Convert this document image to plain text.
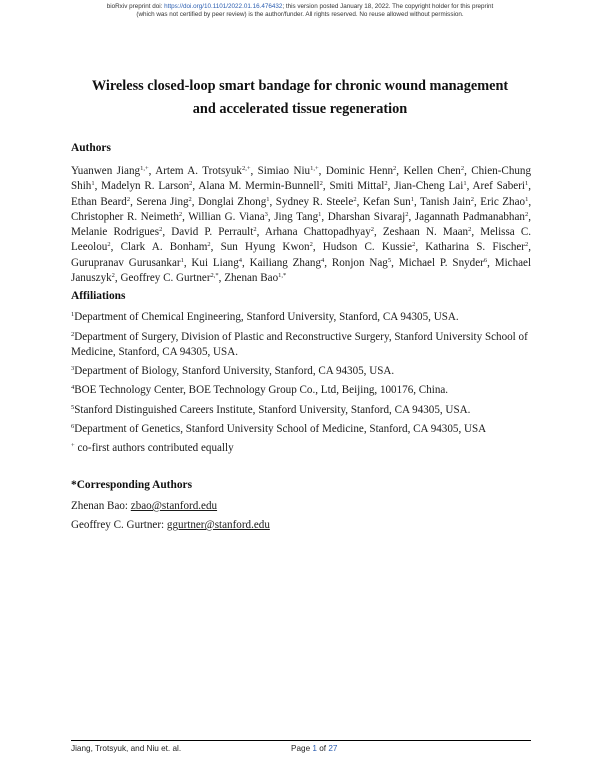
bioRxiv preprint doi: https://doi.org/10.1101/2022.01.16.476432; this version posted January 18, 2022. The copyright holder for this preprint
(which was not certified by peer review) is the author/funder. All rights reserved. No reuse allowed without permission.
Wireless closed-loop smart bandage for chronic wound management
and accelerated tissue regeneration
Authors
Yuanwen Jiang$^{1,+}$, Artem A. Trotsyuk$^{2,+}$, Simiao Niu$^{1,+}$, Dominic Henn$^2$, Kellen Chen$^2$, Chien-Chung Shih$^1$, Madelyn R. Larson$^2$, Alana M. Mermin-Bunnell$^2$, Smiti Mittal$^2$, Jian-Cheng Lai$^1$, Aref Saberi$^1$, Ethan Beard$^2$, Serena Jing$^2$, Donglai Zhong$^1$, Sydney R. Steele$^2$, Kefan Sun$^1$, Tanish Jain$^2$, Eric Zhao$^1$, Christopher R. Neimeth$^2$, Willian G. Viana$^3$, Jing Tang$^1$, Dharshan Sivaraj$^2$, Jagannath Padmanabhan$^2$, Melanie Rodrigues$^2$, David P. Perrault$^2$, Arhana Chattopadhyay$^2$, Zeshaan N. Maan$^2$, Melissa C. Leeolou$^2$, Clark A. Bonham$^2$, Sun Hyung Kwon$^2$, Hudson C. Kussie$^2$, Katharina S. Fischer$^2$, Gurupranav Gurusankar$^1$, Kui Liang$^4$, Kailiang Zhang$^4$, Ronjon Nag$^5$, Michael P. Snyder$^6$, Michael Januszyk$^2$, Geoffrey C. Gurtner$^{2,*}$, Zhenan Bao$^{1,*}$
Affiliations
$^1$Department of Chemical Engineering, Stanford University, Stanford, CA 94305, USA.
$^2$Department of Surgery, Division of Plastic and Reconstructive Surgery, Stanford University School of Medicine, Stanford, CA 94305, USA.
$^3$Department of Biology, Stanford University, Stanford, CA 94305, USA.
$^4$BOE Technology Center, BOE Technology Group Co., Ltd, Beijing, 100176, China.
$^5$Stanford Distinguished Careers Institute, Stanford University, Stanford, CA 94305, USA.
$^6$Department of Genetics, Stanford University School of Medicine, Stanford, CA 94305, USA
+ co-first authors contributed equally
*Corresponding Authors
Zhenan Bao: zbao@stanford.edu
Geoffrey C. Gurtner: ggurtner@stanford.edu
Jiang, Trotsyuk, and Niu et. al.	Page 1 of 27
